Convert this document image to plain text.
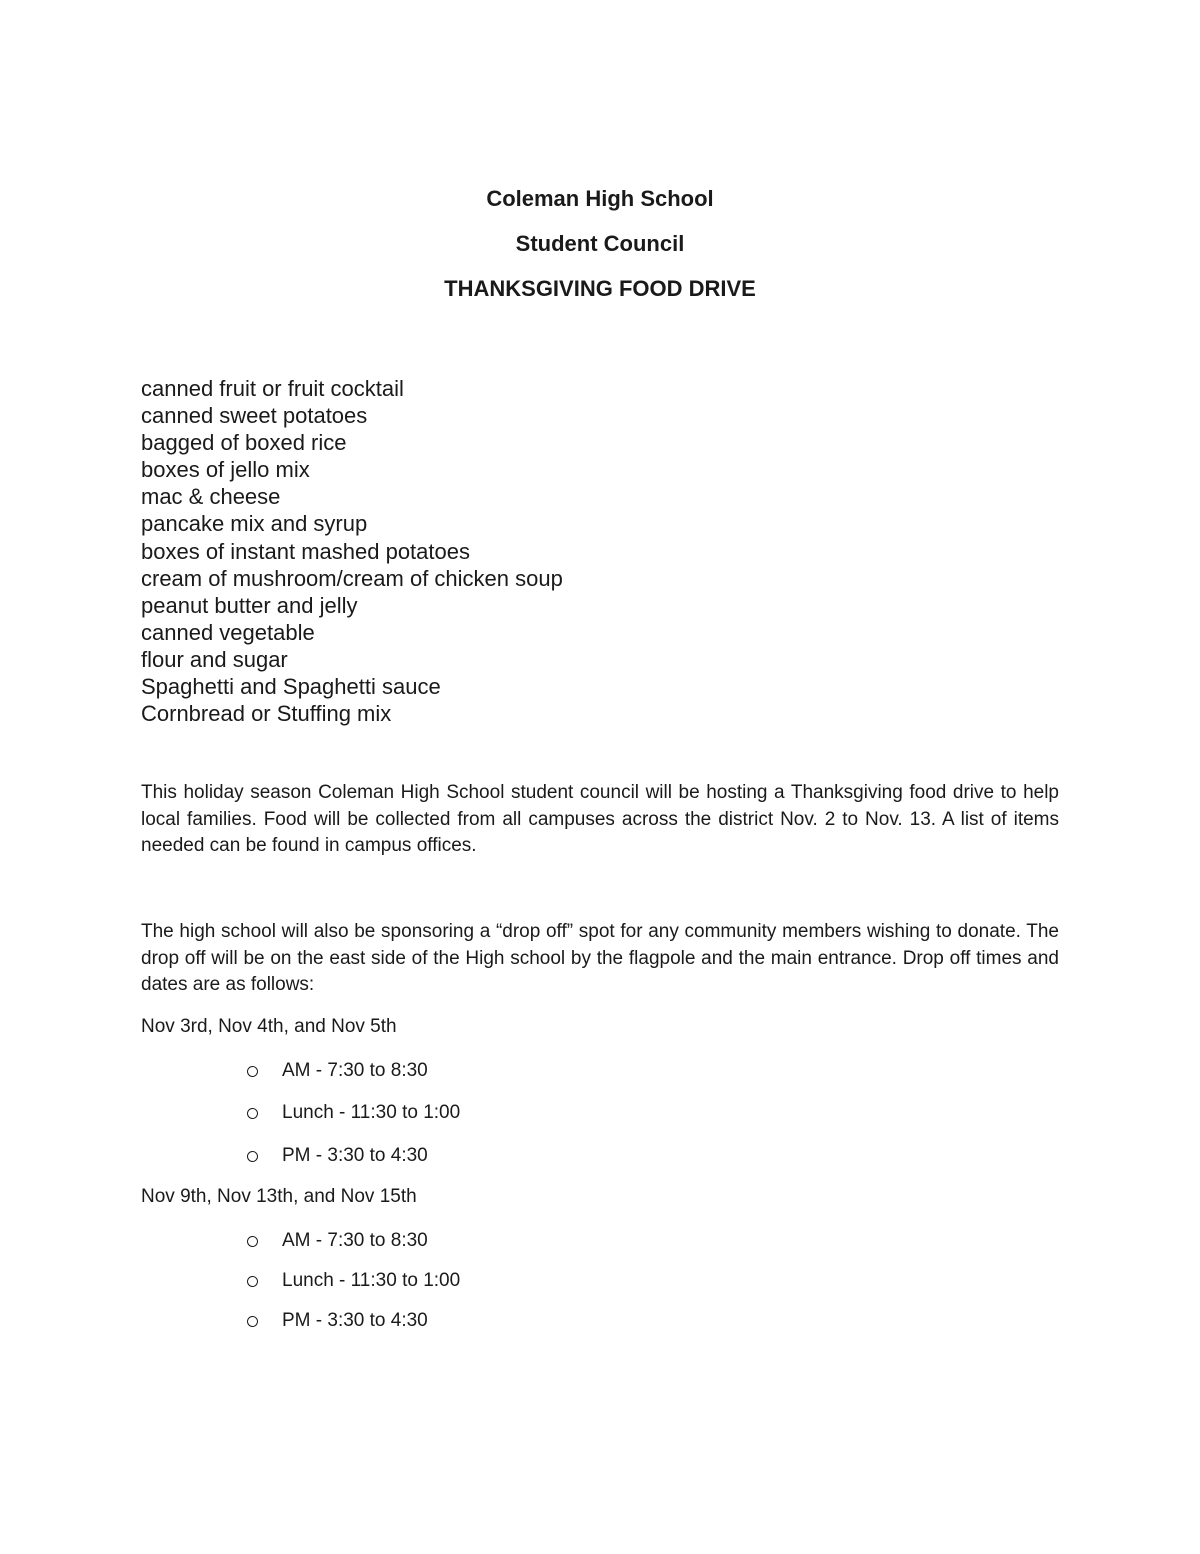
Coleman High School
Student Council
THANKSGIVING FOOD DRIVE
canned fruit or fruit cocktail
canned sweet potatoes
bagged of boxed rice
boxes of jello mix
mac & cheese
pancake mix and syrup
boxes of instant mashed potatoes
cream of mushroom/cream of chicken soup
peanut butter and jelly
canned vegetable
flour and sugar
Spaghetti and Spaghetti sauce
Cornbread or Stuffing mix

This holiday season Coleman High School student council will be hosting a Thanksgiving food drive to help local families. Food will be collected from all campuses across the district Nov. 2 to Nov. 13. A list of items needed can be found in campus offices.

The high school will also be sponsoring a “drop off” spot for any community members wishing to donate. The drop off will be on the east side of the High school by the flagpole and the main entrance. Drop off times and dates are as follows:

Nov 3rd, Nov 4th, and Nov 5th

AM - 7:30 to 8:30
Lunch - 11:30 to 1:00
PM - 3:30 to 4:30

Nov 9th, Nov 13th, and Nov 15th

AM - 7:30 to 8:30
Lunch - 11:30 to 1:00
PM - 3:30 to 4:30
